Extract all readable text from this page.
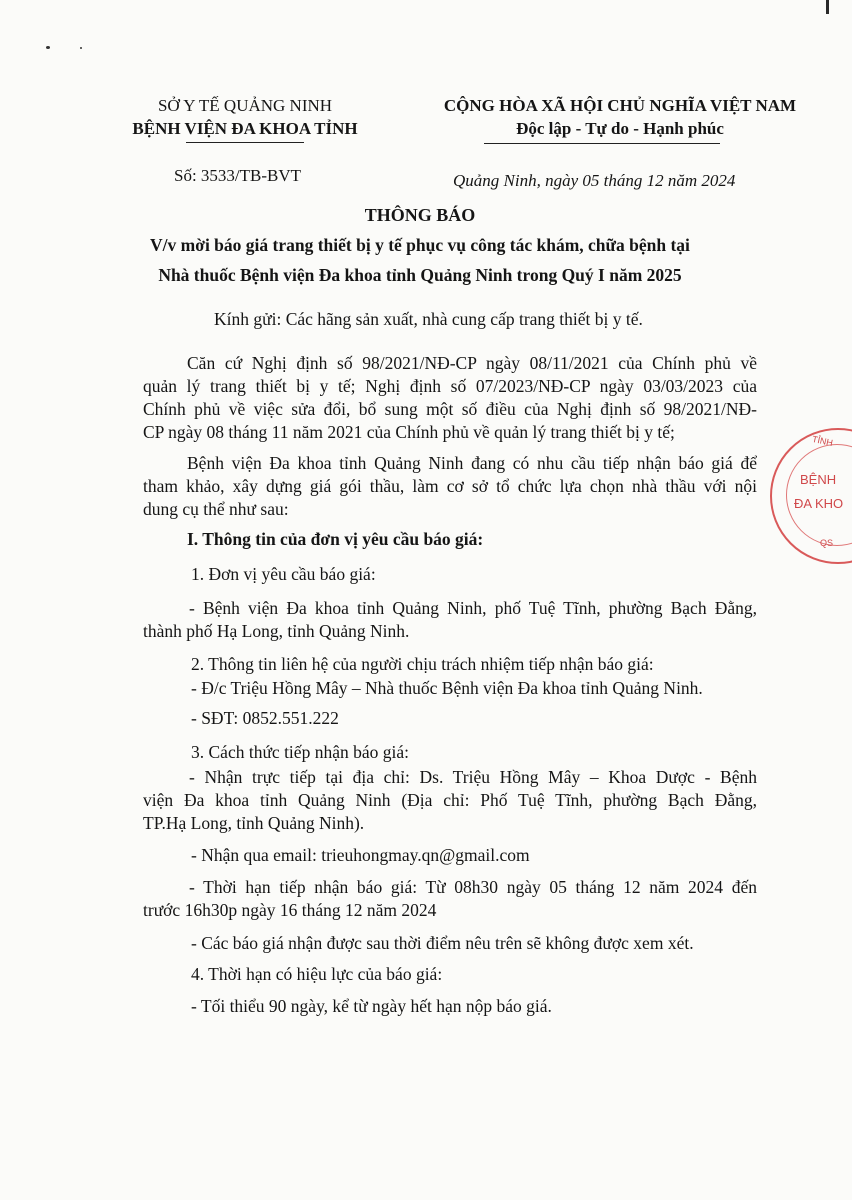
SỞ Y TẾ QUẢNG NINH
BỆNH VIỆN ĐA KHOA TỈNH
CỘNG HÒA XÃ HỘI CHỦ NGHĨA VIỆT NAM
Độc lập - Tự do - Hạnh phúc
Số: 3533/TB-BVT	Quảng Ninh, ngày 05 tháng 12 năm 2024
THÔNG BÁO
V/v mời báo giá trang thiết bị y tế phục vụ công tác khám, chữa bệnh tại
Nhà thuốc Bệnh viện Đa khoa tỉnh Quảng Ninh trong Quý I năm 2025
Kính gửi: Các hãng sản xuất, nhà cung cấp trang thiết bị y tế.
Căn cứ Nghị định số 98/2021/NĐ-CP ngày 08/11/2021 của Chính phủ về
quản lý trang thiết bị y tế; Nghị định số 07/2023/NĐ-CP ngày 03/03/2023 của
Chính phủ về việc sửa đổi, bổ sung một số điều của Nghị định số 98/2021/NĐ-
CP ngày 08 tháng 11 năm 2021 của Chính phủ về quản lý trang thiết bị y tế;
Bệnh viện Đa khoa tỉnh Quảng Ninh đang có nhu cầu tiếp nhận báo giá để
tham khảo, xây dựng giá gói thầu, làm cơ sở tổ chức lựa chọn nhà thầu với nội
dung cụ thể như sau:
I. Thông tin của đơn vị yêu cầu báo giá:
1. Đơn vị yêu cầu báo giá:
- Bệnh viện Đa khoa tỉnh Quảng Ninh, phố Tuệ Tĩnh, phường Bạch Đằng,
thành phố Hạ Long, tỉnh Quảng Ninh.
2. Thông tin liên hệ của người chịu trách nhiệm tiếp nhận báo giá:
- Đ/c Triệu Hồng Mây – Nhà thuốc Bệnh viện Đa khoa tỉnh Quảng Ninh.
- SĐT: 0852.551.222
3. Cách thức tiếp nhận báo giá:
- Nhận trực tiếp tại địa chỉ: Ds. Triệu Hồng Mây – Khoa Dược - Bệnh
viện Đa khoa tỉnh Quảng Ninh (Địa chỉ: Phố Tuệ Tĩnh, phường Bạch Đằng,
TP.Hạ Long, tỉnh Quảng Ninh).
- Nhận qua email: trieuhongmay.qn@gmail.com
- Thời hạn tiếp nhận báo giá: Từ 08h30 ngày 05 tháng 12 năm 2024 đến
trước 16h30p ngày 16 tháng 12 năm 2024
- Các báo giá nhận được sau thời điểm nêu trên sẽ không được xem xét.
4. Thời hạn có hiệu lực của báo giá:
- Tối thiểu 90 ngày, kể từ ngày hết hạn nộp báo giá.
TỈNH
BỆNH
ĐA KHO
QS
